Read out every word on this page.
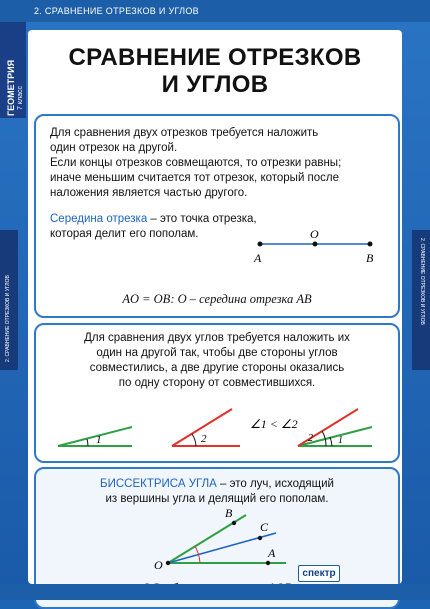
2. СРАВНЕНИЕ ОТРЕЗКОВ И УГЛОВ
ГЕОМЕТРИЯ 7 класс
2. СРАВНЕНИЕ ОТРЕЗКОВ И УГЛОВ	2. СРАВНЕНИЕ ОТРЕЗКОВ И УГЛОВ
СРАВНЕНИЕ ОТРЕЗКОВ
И УГЛОВ
Для сравнения двух отрезков требуется наложить
один отрезок на другой.
Если концы отрезков совмещаются, то отрезки равны;
иначе меньшим считается тот отрезок, который после
наложения является частью другого.
Середина отрезка – это точка отрезка,
которая делит его пополам.
A
O
B
AO = OB: O – середина отрезка AB
Для сравнения двух углов требуется наложить их
один на другой так, чтобы две стороны углов
совместились, а две другие стороны оказались
по одну сторону от совместившихся.
1	2
∠1 < ∠2
2	1
БИССЕКТРИСА УГЛА – это луч, исходящий
из вершины угла и делящий его пополам.
O
A
B
C
спектр
